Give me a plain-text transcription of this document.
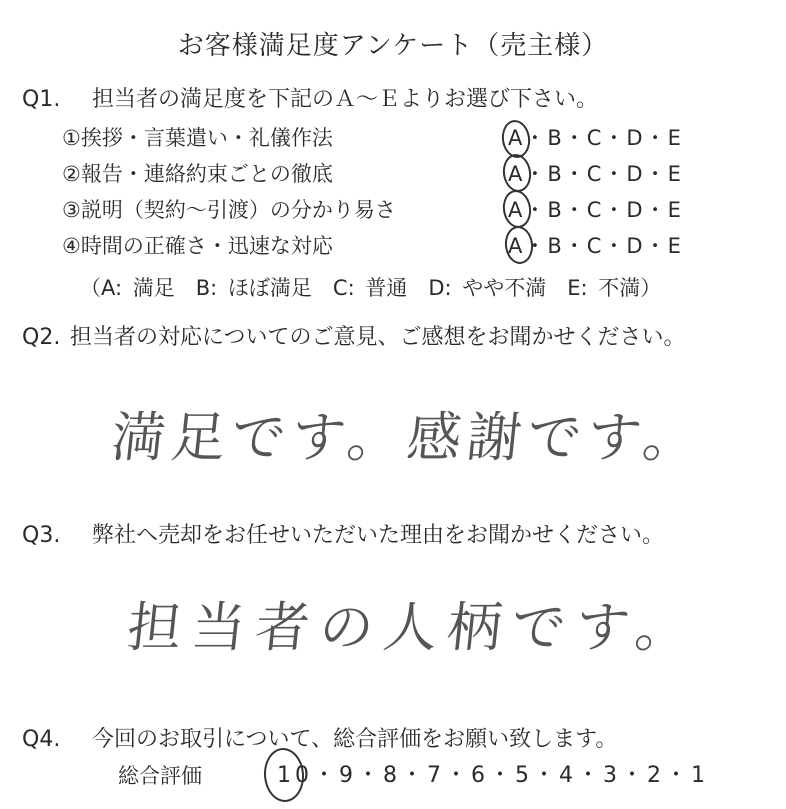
お客様満足度アンケート（売主様）
Q1. 担当者の満足度を下記のＡ～Ｅよりお選び下さい。
①挨拶・言葉遣い・礼儀作法	A・B・C・D・E
②報告・連絡約束ごとの徹底	A・B・C・D・E
③説明（契約～引渡）の分かり易さ	A・B・C・D・E
④時間の正確さ・迅速な対応	A・B・C・D・E
（A: 満足　B: ほぼ満足　C: 普通　D: やや不満　E: 不満）
Q2. 担当者の対応についてのご意見、ご感想をお聞かせください。
満足です。感謝です。
Q3. 弊社へ売却をお任せいただいた理由をお聞かせください。
担当者の人柄です。
Q4. 今回のお取引について、総合評価をお願い致します。
総合評価	10・9・8・7・6・5・4・3・2・1
